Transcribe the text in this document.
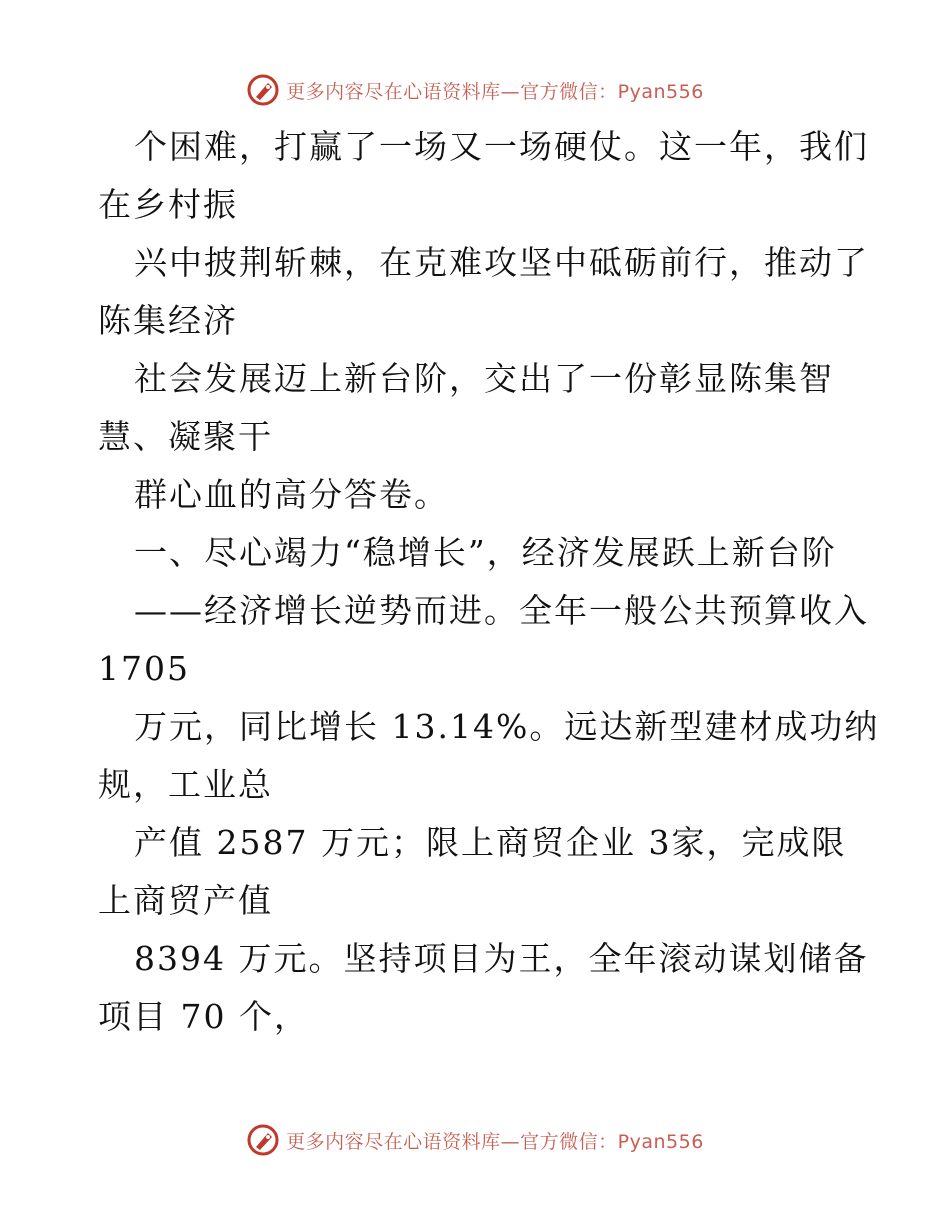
更多内容尽在心语资料库—官方微信：Pyan556
个困难，打赢了一场又一场硬仗。这一年，我们
在乡村振
兴中披荆斩棘，在克难攻坚中砥砺前行，推动了
陈集经济
社会发展迈上新台阶，交出了一份彰显陈集智
慧、凝聚干
群心血的高分答卷。
一、尽心竭力“稳增长”，经济发展跃上新台阶
——经济增长逆势而进。全年一般公共预算收入
1705
万元，同比增长 13.14%。远达新型建材成功纳
规，工业总
产值 2587 万元；限上商贸企业 3家，完成限
上商贸产值
8394 万元。坚持项目为王，全年滚动谋划储备
项目 70 个，
更多内容尽在心语资料库—官方微信：Pyan556
